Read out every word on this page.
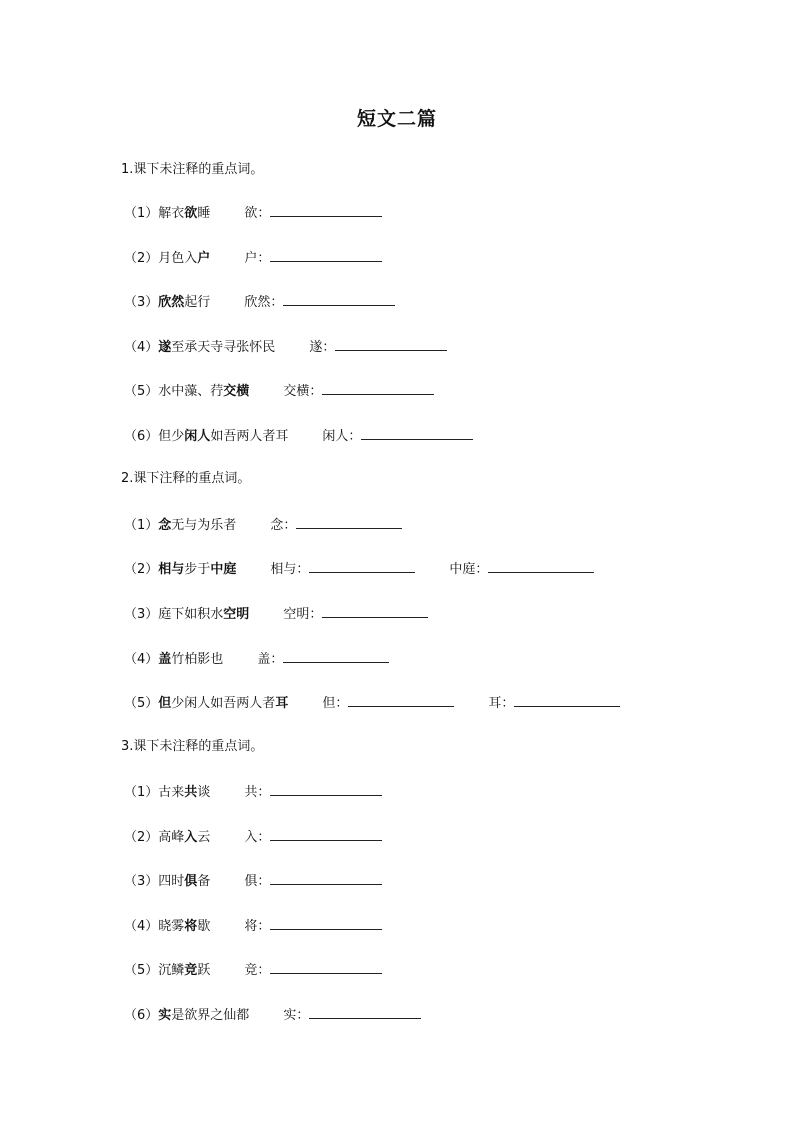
短文二篇
1.课下未注释的重点词。
（1）解衣欲睡	欲：
（2）月色入户	户：
（3）欣然起行	欣然：
（4）遂至承天寺寻张怀民	遂：
（5）水中藻、荇交横	交横：
（6）但少闲人如吾两人者耳	闲人：
2.课下注释的重点词。
（1）念无与为乐者	念：
（2）相与步于中庭	相与：	中庭：
（3）庭下如积水空明	空明：
（4）盖竹柏影也	盖：
（5）但少闲人如吾两人者耳	但：	耳：
3.课下未注释的重点词。
（1）古来共谈	共：
（2）高峰入云	入：
（3）四时俱备	俱：
（4）晓雾将歇	将：
（5）沉鳞竞跃	竞：
（6）实是欲界之仙都	实：
